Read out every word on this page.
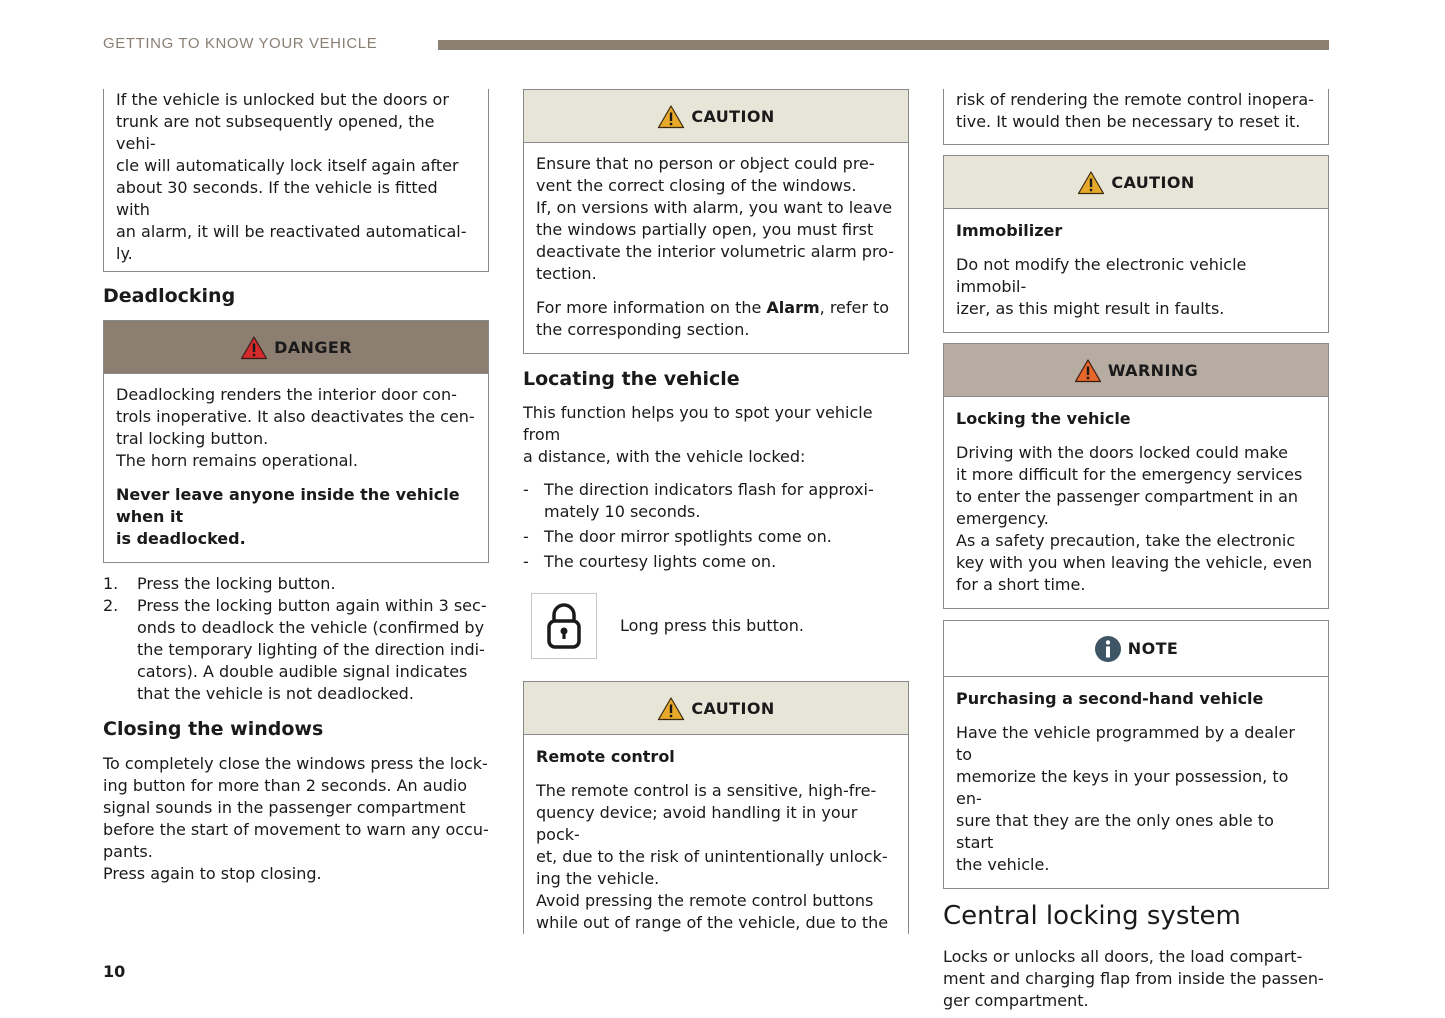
GETTING TO KNOW YOUR VEHICLE

If the vehicle is unlocked but the doors or

trunk are not subsequently opened, the vehi-

cle will automatically lock itself again after

about 30 seconds. If the vehicle is fitted with

an alarm, it will be reactivated automatical-

ly.

Deadlocking
DANGER

Deadlocking renders the interior door con-

trols inoperative. It also deactivates the cen-

tral locking button.

The horn remains operational.

Never leave anyone inside the vehicle when it

is deadlocked.

1.	Press the locking button.

2.	Press the locking button again within 3 sec-

onds to deadlock the vehicle (confirmed by

the temporary lighting of the direction indi-

cators). A double audible signal indicates

that the vehicle is not deadlocked.

Closing the windows

To completely close the windows press the lock-

ing button for more than 2 seconds. An audio

signal sounds in the passenger compartment

before the start of movement to warn any occu-

pants.

Press again to stop closing.

CAUTION

Ensure that no person or object could pre-

vent the correct closing of the windows.

If, on versions with alarm, you want to leave

the windows partially open, you must first

deactivate the interior volumetric alarm pro-

tection.

For more information on the Alarm, refer to

the corresponding section.

Locating the vehicle

This function helps you to spot your vehicle from

a distance, with the vehicle locked:

- The direction indicators flash for approxi-

mately 10 seconds.

- The door mirror spotlights come on.

- The courtesy lights come on.

Long press this button.

CAUTION

Remote control

The remote control is a sensitive, high-fre-

quency device; avoid handling it in your pock-

et, due to the risk of unintentionally unlock-

ing the vehicle.

Avoid pressing the remote control buttons

while out of range of the vehicle, due to the

risk of rendering the remote control inopera-

tive. It would then be necessary to reset it.

CAUTION

Immobilizer

Do not modify the electronic vehicle immobil-

izer, as this might result in faults.

WARNING

Locking the vehicle

Driving with the doors locked could make

it more difficult for the emergency services

to enter the passenger compartment in an

emergency.

As a safety precaution, take the electronic

key with you when leaving the vehicle, even

for a short time.

NOTE

Purchasing a second-hand vehicle

Have the vehicle programmed by a dealer to

memorize the keys in your possession, to en-

sure that they are the only ones able to start

the vehicle.

Central locking system

Locks or unlocks all doors, the load compart-

ment and charging flap from inside the passen-

ger compartment.

10
